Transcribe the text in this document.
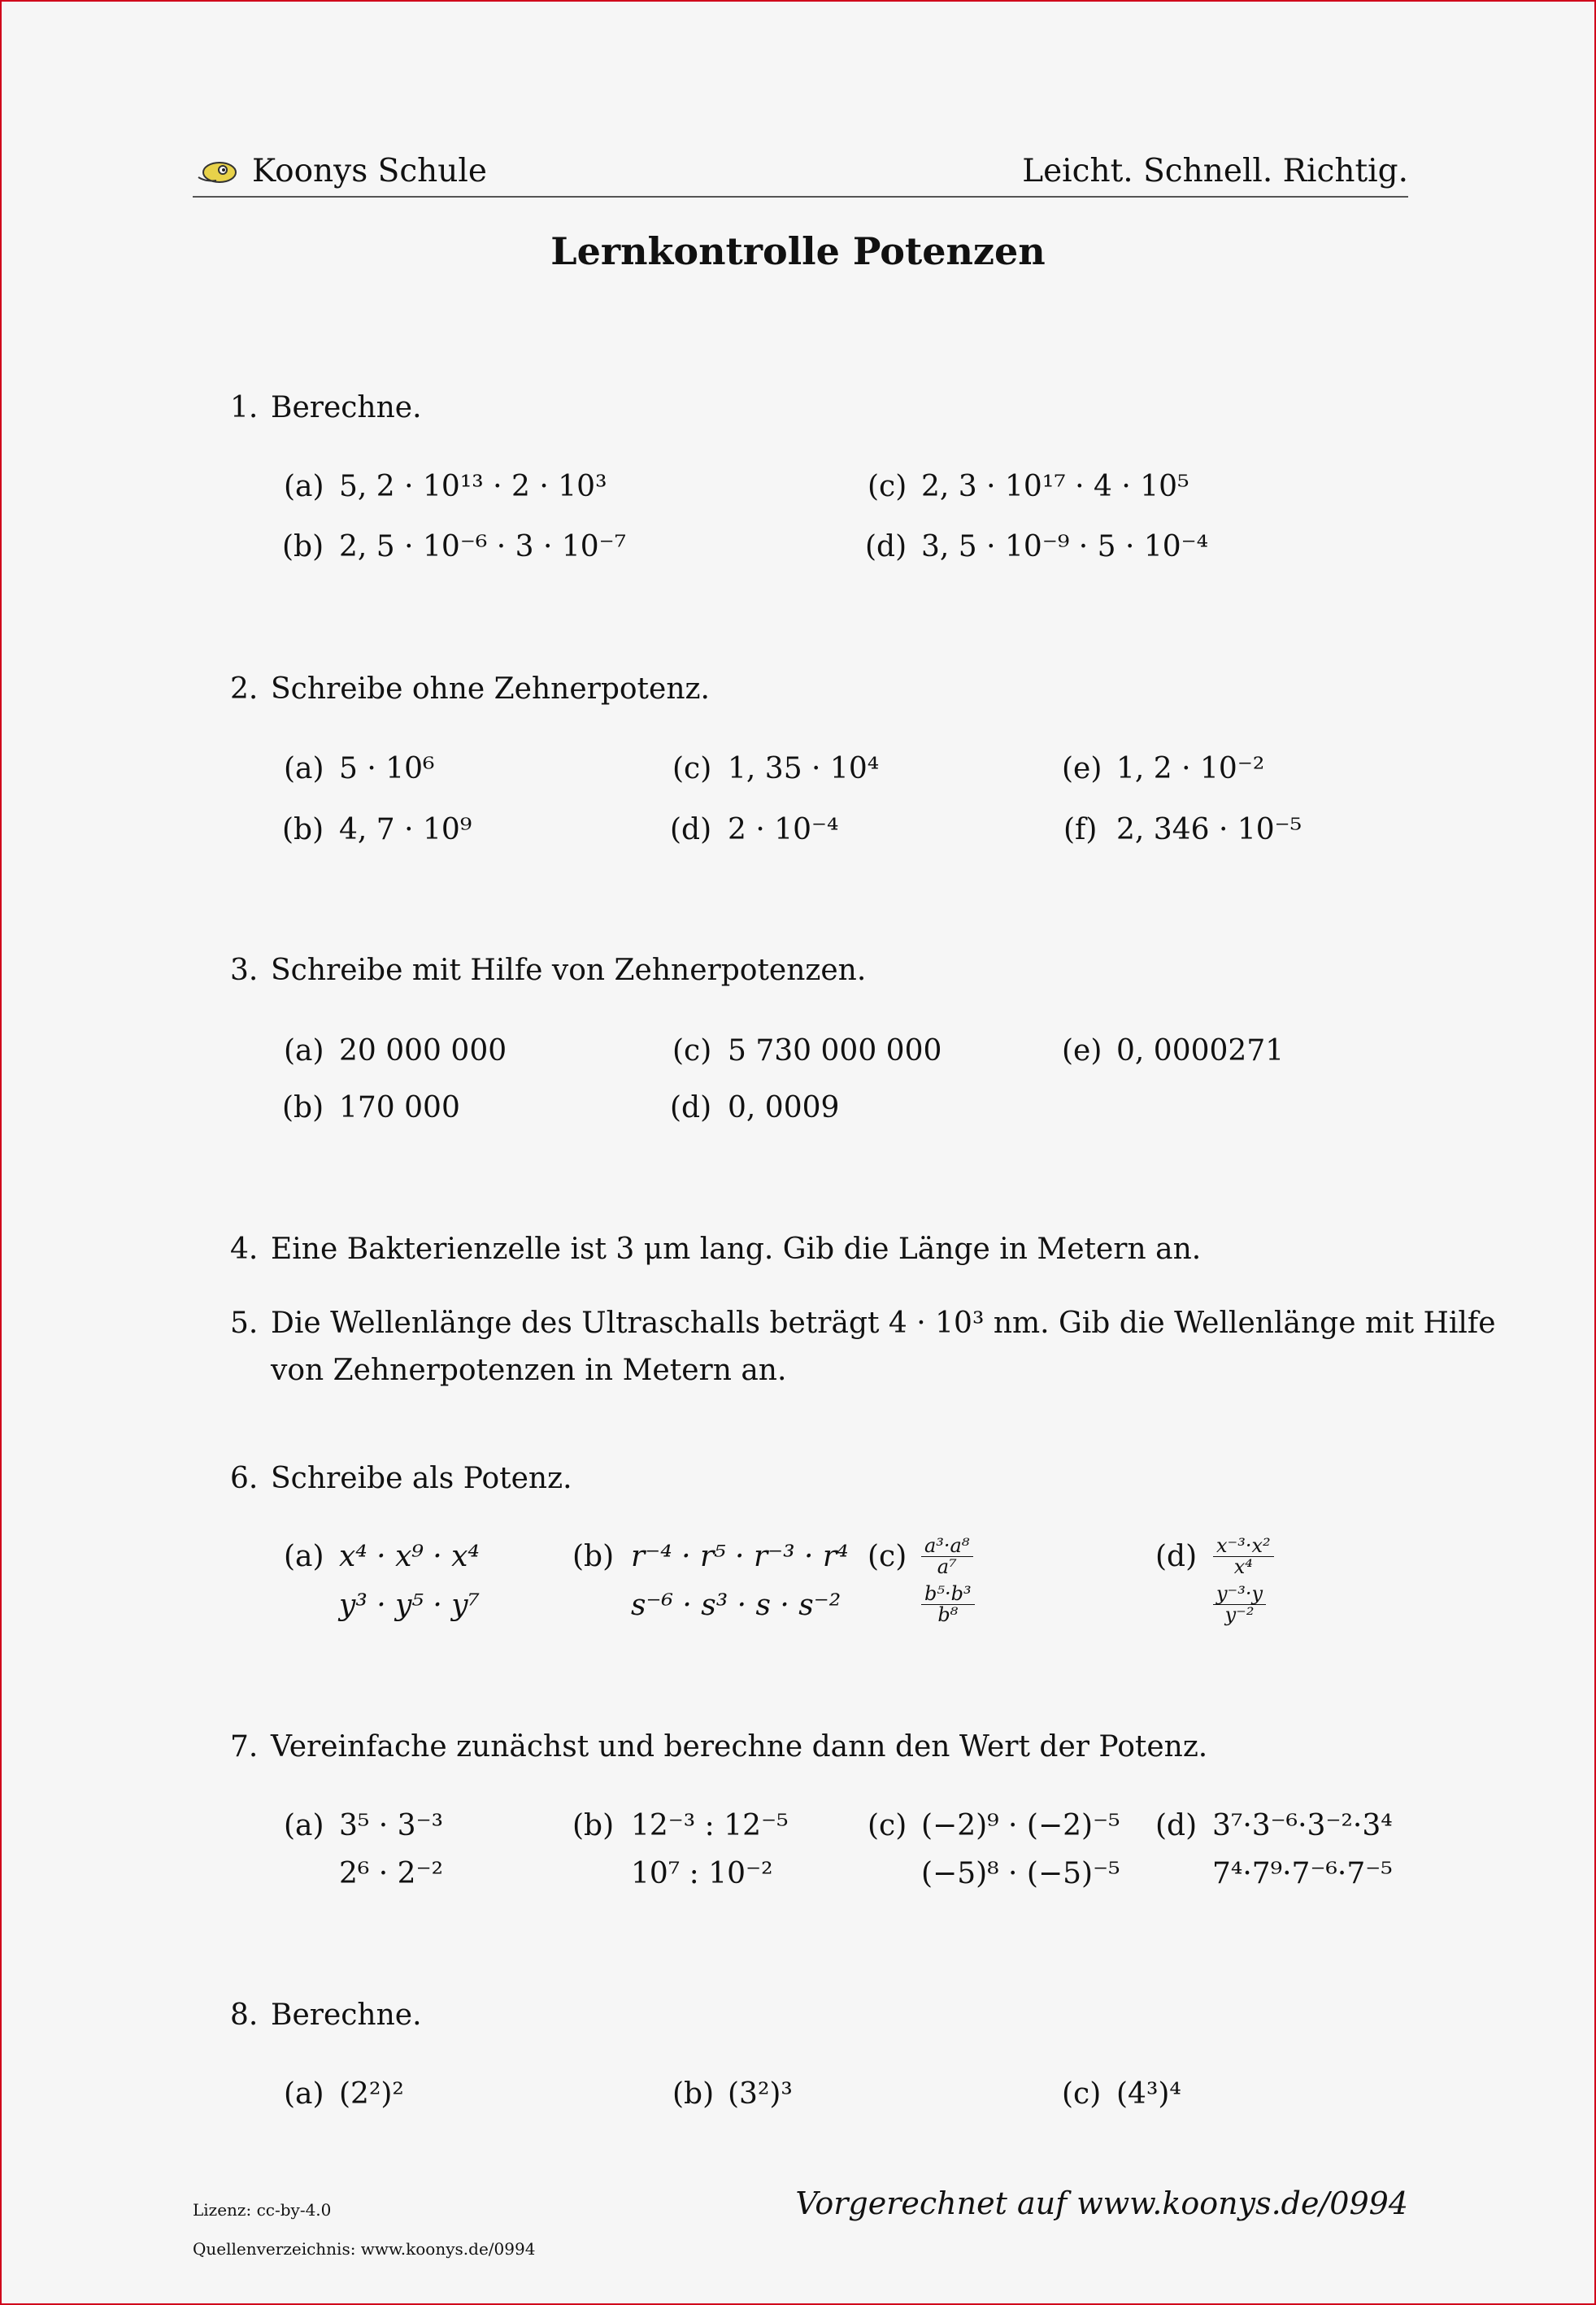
Koonys Schule	Leicht. Schnell. Richtig.
Lernkontrolle Potenzen
1. Berechne.
(a) 5, 2 · 10¹³ · 2 · 10³
(b) 2, 5 · 10⁻⁶ · 3 · 10⁻⁷
(c) 2, 3 · 10¹⁷ · 4 · 10⁵
(d) 3, 5 · 10⁻⁹ · 5 · 10⁻⁴
2. Schreibe ohne Zehnerpotenz.
(a) 5 · 10⁶
(b) 4, 7 · 10⁹
(c) 1, 35 · 10⁴
(d) 2 · 10⁻⁴
(e) 1, 2 · 10⁻²
(f) 2, 346 · 10⁻⁵
3. Schreibe mit Hilfe von Zehnerpotenzen.
(a) 20 000 000
(b) 170 000
(c) 5 730 000 000
(d) 0, 0009
(e) 0, 0000271
4. Eine Bakterienzelle ist 3 μm lang. Gib die Länge in Metern an.
5. Die Wellenlänge des Ultraschalls beträgt 4 · 10³ nm. Gib die Wellenlänge mit Hilfe
von Zehnerpotenzen in Metern an.
6. Schreibe als Potenz.
(a) x⁴ · x⁹ · x⁴
y³ · y⁵ · y⁷
(b) r⁻⁴ · r⁵ · r⁻³ · r⁴
s⁻⁶ · s³ · s · s⁻²
$(c) \frac{\text{a³·a⁸}}{\text{a⁷}}$
$\frac{\text{b⁵·b³}}{\text{b⁸}}$
$(d) \frac{\text{x⁻³·x²}}{\text{x⁴}}$
$\frac{\text{y⁻³·y}}{\text{y⁻²}}$
7. Vereinfache zunächst und berechne dann den Wert der Potenz.
(a) 3⁵ · 3⁻³
2⁶ · 2⁻²
(b) 12⁻³ : 12⁻⁵
10⁷ : 10⁻²
(c) (−2)⁹ · (−2)⁻⁵
(−5)⁸ · (−5)⁻⁵
(d) 3⁷·3⁻⁶·3⁻²·3⁴
7⁴·7⁹·7⁻⁶·7⁻⁵
8. Berechne.
(a) (2²)²	(b) (3²)³	(c) (4³)⁴
Lizenz: cc-by-4.0
Quellenverzeichnis: www.koonys.de/0994
Vorgerechnet auf www.koonys.de/0994
